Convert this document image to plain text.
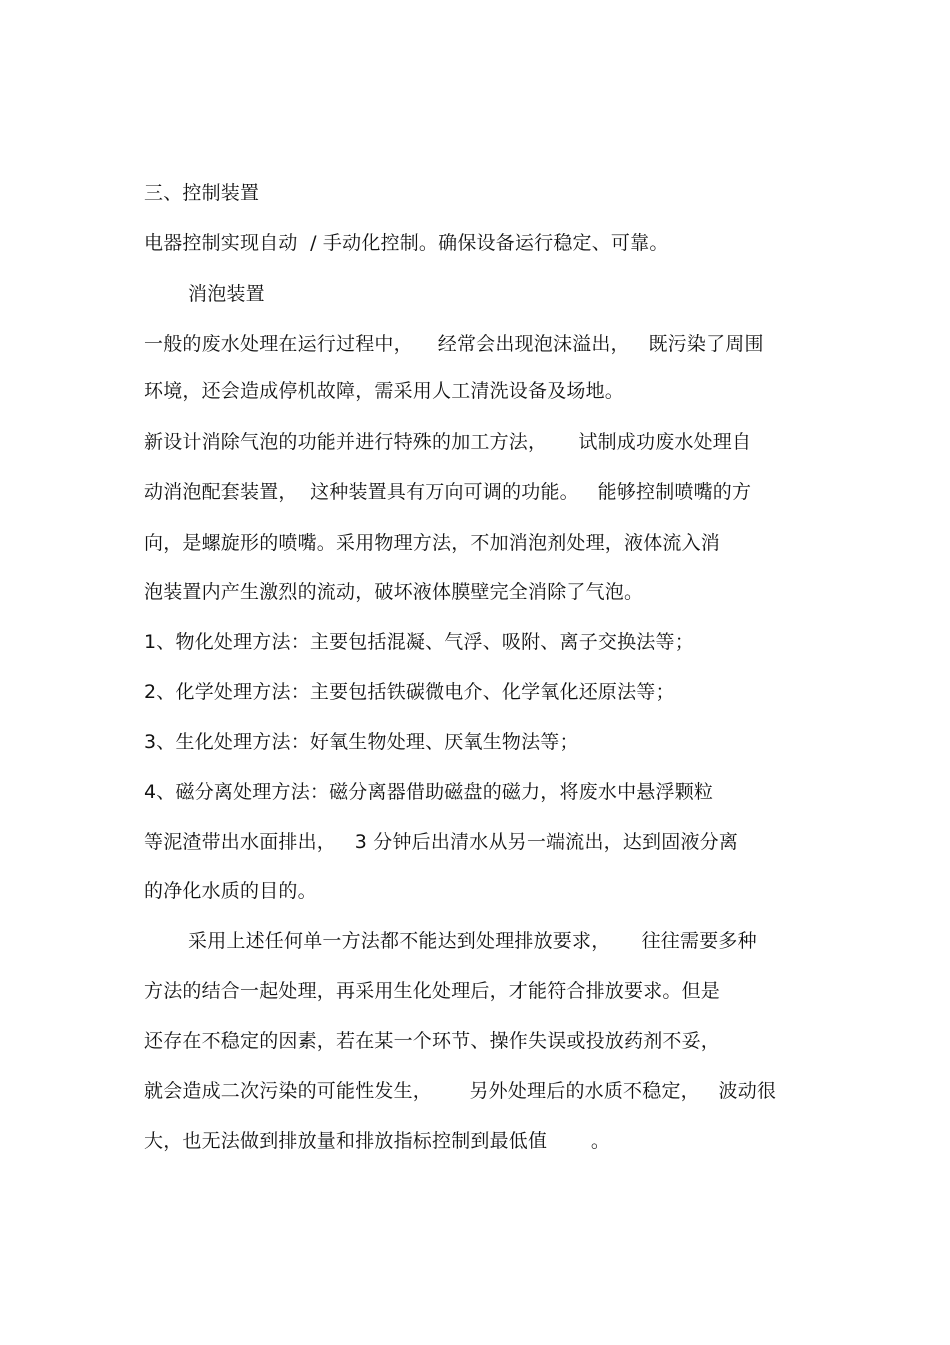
三、控制装置
电器控制实现自动  / 手动化控制。确保设备运行稳定、可靠。
消泡装置
一般的废水处理在运行过程中，    经常会出现泡沫溢出，   既污染了周围
环境，还会造成停机故障，需采用人工清洗设备及场地。
新设计消除气泡的功能并进行特殊的加工方法，     试制成功废水处理自
动消泡配套装置，  这种装置具有万向可调的功能。   能够控制喷嘴的方
向，是螺旋形的喷嘴。采用物理方法，不加消泡剂处理，液体流入消
泡装置内产生激烈的流动，破坏液体膜壁完全消除了气泡。
1、物化处理方法：主要包括混凝、气浮、吸附、离子交换法等；
2、化学处理方法：主要包括铁碳微电介、化学氧化还原法等；
3、生化处理方法：好氧生物处理、厌氧生物法等；
4、磁分离处理方法：磁分离器借助磁盘的磁力，将废水中悬浮颗粒
等泥渣带出水面排出，   3 分钟后出清水从另一端流出，达到固液分离
的净化水质的目的。
采用上述任何单一方法都不能达到处理排放要求，     往往需要多种
方法的结合一起处理，再采用生化处理后，才能符合排放要求。但是
还存在不稳定的因素，若在某一个环节、操作失误或投放药剂不妥，
就会造成二次污染的可能性发生，      另外处理后的水质不稳定，   波动很
大，也无法做到排放量和排放指标控制到最低值       。
